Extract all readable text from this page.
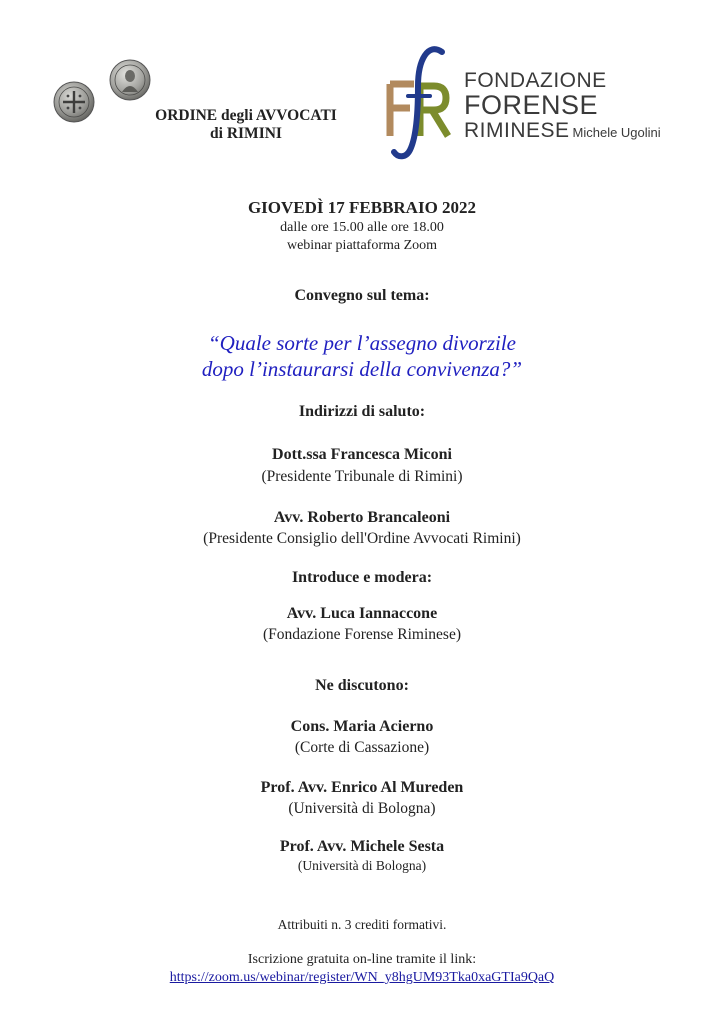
ORDINE degli AVVOCATI
di RIMINI
FONDAZIONE
FORENSE
RIMINESE Michele Ugolini
GIOVEDÌ 17 FEBBRAIO 2022
dalle ore 15.00 alle ore 18.00
webinar piattaforma Zoom
Convegno sul tema:
“Quale sorte per l’assegno divorzile
dopo l’instaurarsi della convivenza?”
Indirizzi di saluto:
Dott.ssa Francesca Miconi
(Presidente Tribunale di Rimini)
Avv. Roberto Brancaleoni
(Presidente Consiglio dell'Ordine Avvocati Rimini)
Introduce e modera:
Avv. Luca Iannaccone
(Fondazione Forense Riminese)
Ne discutono:
Cons. Maria Acierno
(Corte di Cassazione)
Prof. Avv. Enrico Al Mureden
(Università di Bologna)
Prof. Avv. Michele Sesta
(Università di Bologna)
Attribuiti n. 3 crediti formativi.
Iscrizione gratuita on-line tramite il link:
https://zoom.us/webinar/register/WN_y8hgUM93Tka0xaGTIa9QaQ
